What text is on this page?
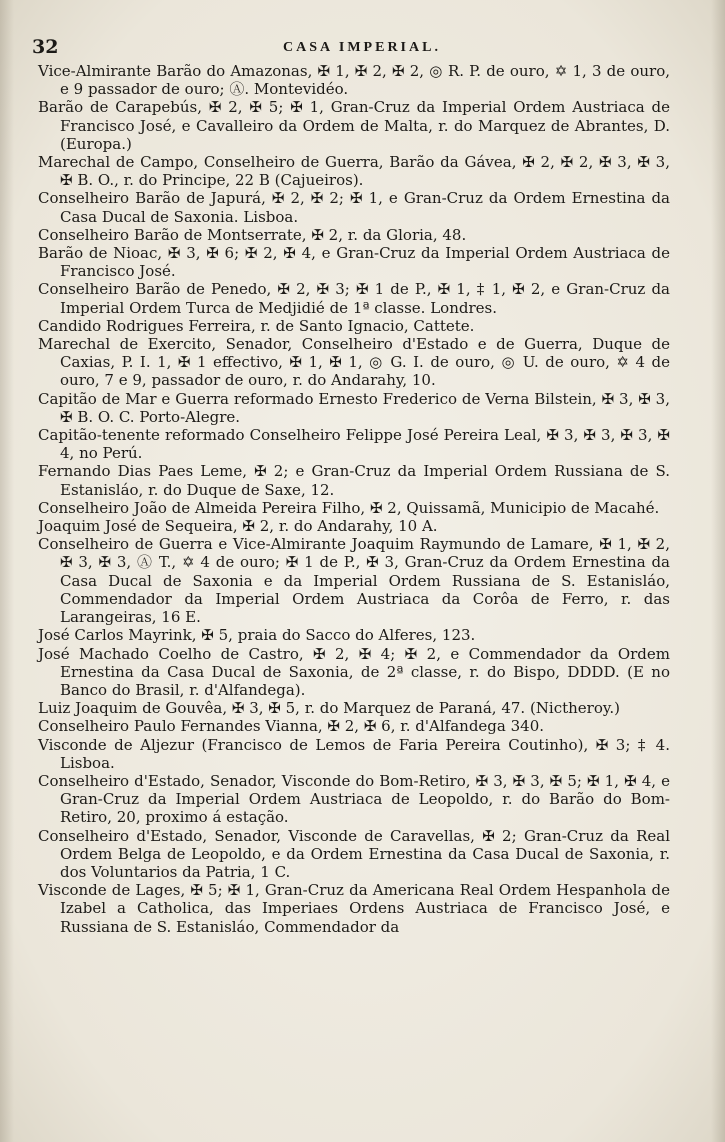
32	CASA IMPERIAL.

Vice-Almirante Barão do Amazonas, ✠ 1, ✠ 2, ✠ 2, ◎ R. P. de ouro, ✡ 1, 3 de ouro, e 9 passador de ouro; Ⓐ. Montevidéo.

Barão de Carapebús, ✠ 2, ✠ 5; ✠ 1, Gran-Cruz da Imperial Ordem Austriaca de Francisco José, e Cavalleiro da Ordem de Malta, r. do Marquez de Abrantes, D. (Europa.)

Marechal de Campo, Conselheiro de Guerra, Barão da Gávea, ✠ 2, ✠ 2, ✠ 3, ✠ 3, ✠ B. O., r. do Principe, 22 B (Cajueiros).

Conselheiro Barão de Japurá, ✠ 2, ✠ 2; ✠ 1, e Gran-Cruz da Ordem Ernestina da Casa Ducal de Saxonia. Lisboa.

Conselheiro Barão de Montserrate, ✠ 2, r. da Gloria, 48.

Barão de Nioac, ✠ 3, ✠ 6; ✠ 2, ✠ 4, e Gran-Cruz da Imperial Ordem Austriaca de Francisco José.

Conselheiro Barão de Penedo, ✠ 2, ✠ 3; ✠ 1 de P., ✠ 1, ‡ 1, ✠ 2, e Gran-Cruz da Imperial Ordem Turca de Medjidié de 1ª classe. Londres.

Candido Rodrigues Ferreira, r. de Santo Ignacio, Cattete.

Marechal de Exercito, Senador, Conselheiro d'Estado e de Guerra, Duque de Caxias, P. I. 1, ✠ 1 effectivo, ✠ 1, ✠ 1, ◎ G. I. de ouro, ◎ U. de ouro, ✡ 4 de ouro, 7 e 9, passador de ouro, r. do Andarahy, 10.

Capitão de Mar e Guerra reformado Ernesto Frederico de Verna Bilstein, ✠ 3, ✠ 3, ✠ B. O. C. Porto-Alegre.

Capitão-tenente reformado Conselheiro Felippe José Pereira Leal, ✠ 3, ✠ 3, ✠ 3, ✠ 4, no Perú.

Fernando Dias Paes Leme, ✠ 2; e Gran-Cruz da Imperial Ordem Russiana de S. Estanisláo, r. do Duque de Saxe, 12.

Conselheiro João de Almeida Pereira Filho, ✠ 2, Quissamã, Municipio de Macahé.

Joaquim José de Sequeira, ✠ 2, r. do Andarahy, 10 A.

Conselheiro de Guerra e Vice-Almirante Joaquim Raymundo de Lamare, ✠ 1, ✠ 2, ✠ 3, ✠ 3, Ⓐ T., ✡ 4 de ouro; ✠ 1 de P., ✠ 3, Gran-Cruz da Ordem Ernestina da Casa Ducal de Saxonia e da Imperial Ordem Russiana de S. Estanisláo, Commendador da Imperial Ordem Austriaca da Corôa de Ferro, r. das Larangeiras, 16 E.

José Carlos Mayrink, ✠ 5, praia do Sacco do Alferes, 123.

José Machado Coelho de Castro, ✠ 2, ✠ 4; ✠ 2, e Commendador da Ordem Ernestina da Casa Ducal de Saxonia, de 2ª classe, r. do Bispo, DDDD. (E no Banco do Brasil, r. d'Alfandega).

Luiz Joaquim de Gouvêa, ✠ 3, ✠ 5, r. do Marquez de Paraná, 47. (Nictheroy.)

Conselheiro Paulo Fernandes Vianna, ✠ 2, ✠ 6, r. d'Alfandega 340.

Visconde de Aljezur (Francisco de Lemos de Faria Pereira Coutinho), ✠ 3; ‡ 4. Lisboa.

Conselheiro d'Estado, Senador, Visconde do Bom-Retiro, ✠ 3, ✠ 3, ✠ 5; ✠ 1, ✠ 4, e Gran-Cruz da Imperial Ordem Austriaca de Leopoldo, r. do Barão do Bom-Retiro, 20, proximo á estação.

Conselheiro d'Estado, Senador, Visconde de Caravellas, ✠ 2; Gran-Cruz da Real Ordem Belga de Leopoldo, e da Ordem Ernestina da Casa Ducal de Saxonia, r. dos Voluntarios da Patria, 1 C.

Visconde de Lages, ✠ 5; ✠ 1, Gran-Cruz da Americana Real Ordem Hespanhola de Izabel a Catholica, das Imperiaes Ordens Austriaca de Francisco José, e Russiana de S. Estanisláo, Commendador da
